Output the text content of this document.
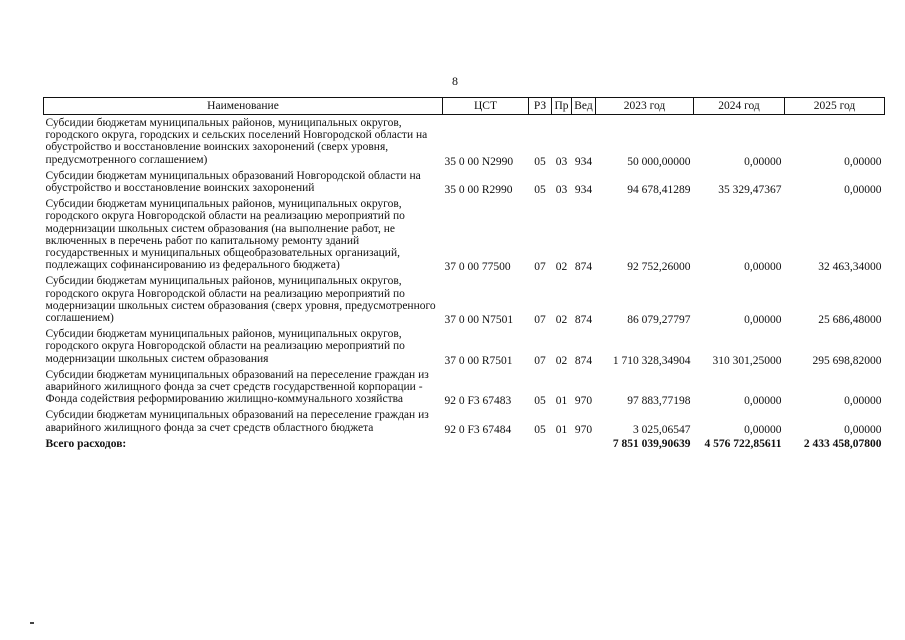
8
Наименование	ЦСТ	РЗ	Пр	Вед	2023 год	2024 год	2025 год
Субсидии бюджетам муниципальных районов, муниципальных округов, городского округа, городских и сельских поселений Новгородской области на обустройство и восстановление воинских захоронений (сверх уровня, предусмотренного соглашением)	35 0 00 N2990	05	03	934	50 000,00000	0,00000	0,00000
Субсидии бюджетам муниципальных образований Новгородской области на обустройство и восстановление воинских захоронений	35 0 00 R2990	05	03	934	94 678,41289	35 329,47367	0,00000
Субсидии бюджетам муниципальных районов, муниципальных округов, городского округа Новгородской области на реализацию мероприятий по модернизации школьных систем образования (на выполнение работ, не включенных в перечень работ по капитальному ремонту зданий государственных и муниципальных общеобразовательных организаций, подлежащих софинансированию из федерального бюджета)	37 0 00 77500	07	02	874	92 752,26000	0,00000	32 463,34000
Субсидии бюджетам муниципальных районов, муниципальных округов, городского округа Новгородской области на реализацию мероприятий по модернизации школьных систем образования (сверх уровня, предусмотренного соглашением)	37 0 00 N7501	07	02	874	86 079,27797	0,00000	25 686,48000
Субсидии бюджетам муниципальных районов, муниципальных округов, городского округа Новгородской области на реализацию мероприятий по модернизации школьных систем образования	37 0 00 R7501	07	02	874	1 710 328,34904	310 301,25000	295 698,82000
Субсидии бюджетам муниципальных образований на переселение граждан из аварийного жилищного фонда за счет средств государственной корпорации - Фонда содействия реформированию жилищно-коммунального хозяйства	92 0 F3 67483	05	01	970	97 883,77198	0,00000	0,00000
Субсидии бюджетам муниципальных образований на переселение граждан из аварийного жилищного фонда за счет средств областного бюджета	92 0 F3 67484	05	01	970	3 025,06547	0,00000	0,00000
Всего расходов:					7 851 039,90639	4 576 722,85611	2 433 458,07800
